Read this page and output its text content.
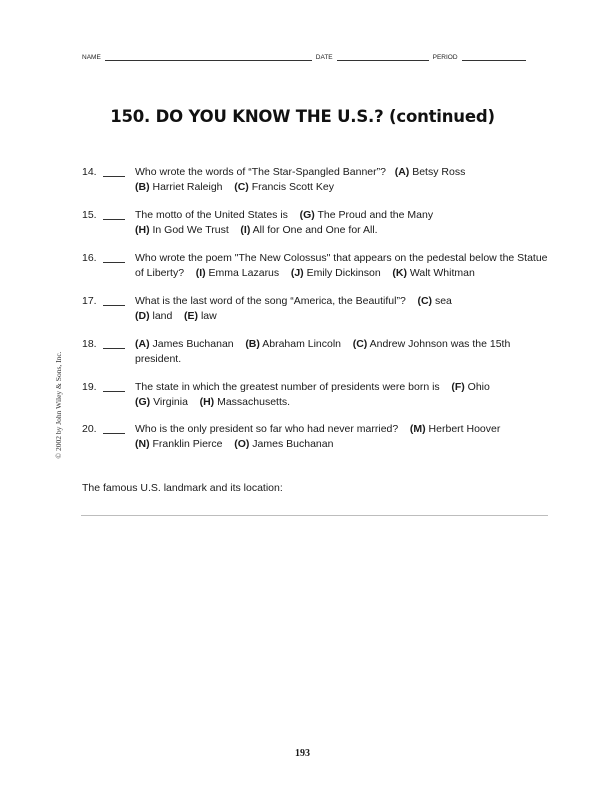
NAME	DATE	PERIOD
150. DO YOU KNOW THE U.S.? (continued)
14.	Who wrote the words of “The Star-Spangled Banner”?   (A) Betsy Ross
(B) Harriet Raleigh    (C) Francis Scott Key
15.	The motto of the United States is    (G) The Proud and the Many
(H) In God We Trust    (I) All for One and One for All.
16.	Who wrote the poem "The New Colossus" that appears on the pedestal below the Statue of Liberty?    (I) Emma Lazarus    (J) Emily Dickinson    (K) Walt Whitman
17.	What is the last word of the song “America, the Beautiful”?    (C) sea
(D) land    (E) law
18.	(A) James Buchanan    (B) Abraham Lincoln    (C) Andrew Johnson was the 15th president.
19.	The state in which the greatest number of presidents were born is    (F) Ohio
(G) Virginia    (H) Massachusetts.
20.	Who is the only president so far who had never married?    (M) Herbert Hoover
(N) Franklin Pierce    (O) James Buchanan
© 2002 by John Wiley & Sons, Inc.
The famous U.S. landmark and its location:
193
